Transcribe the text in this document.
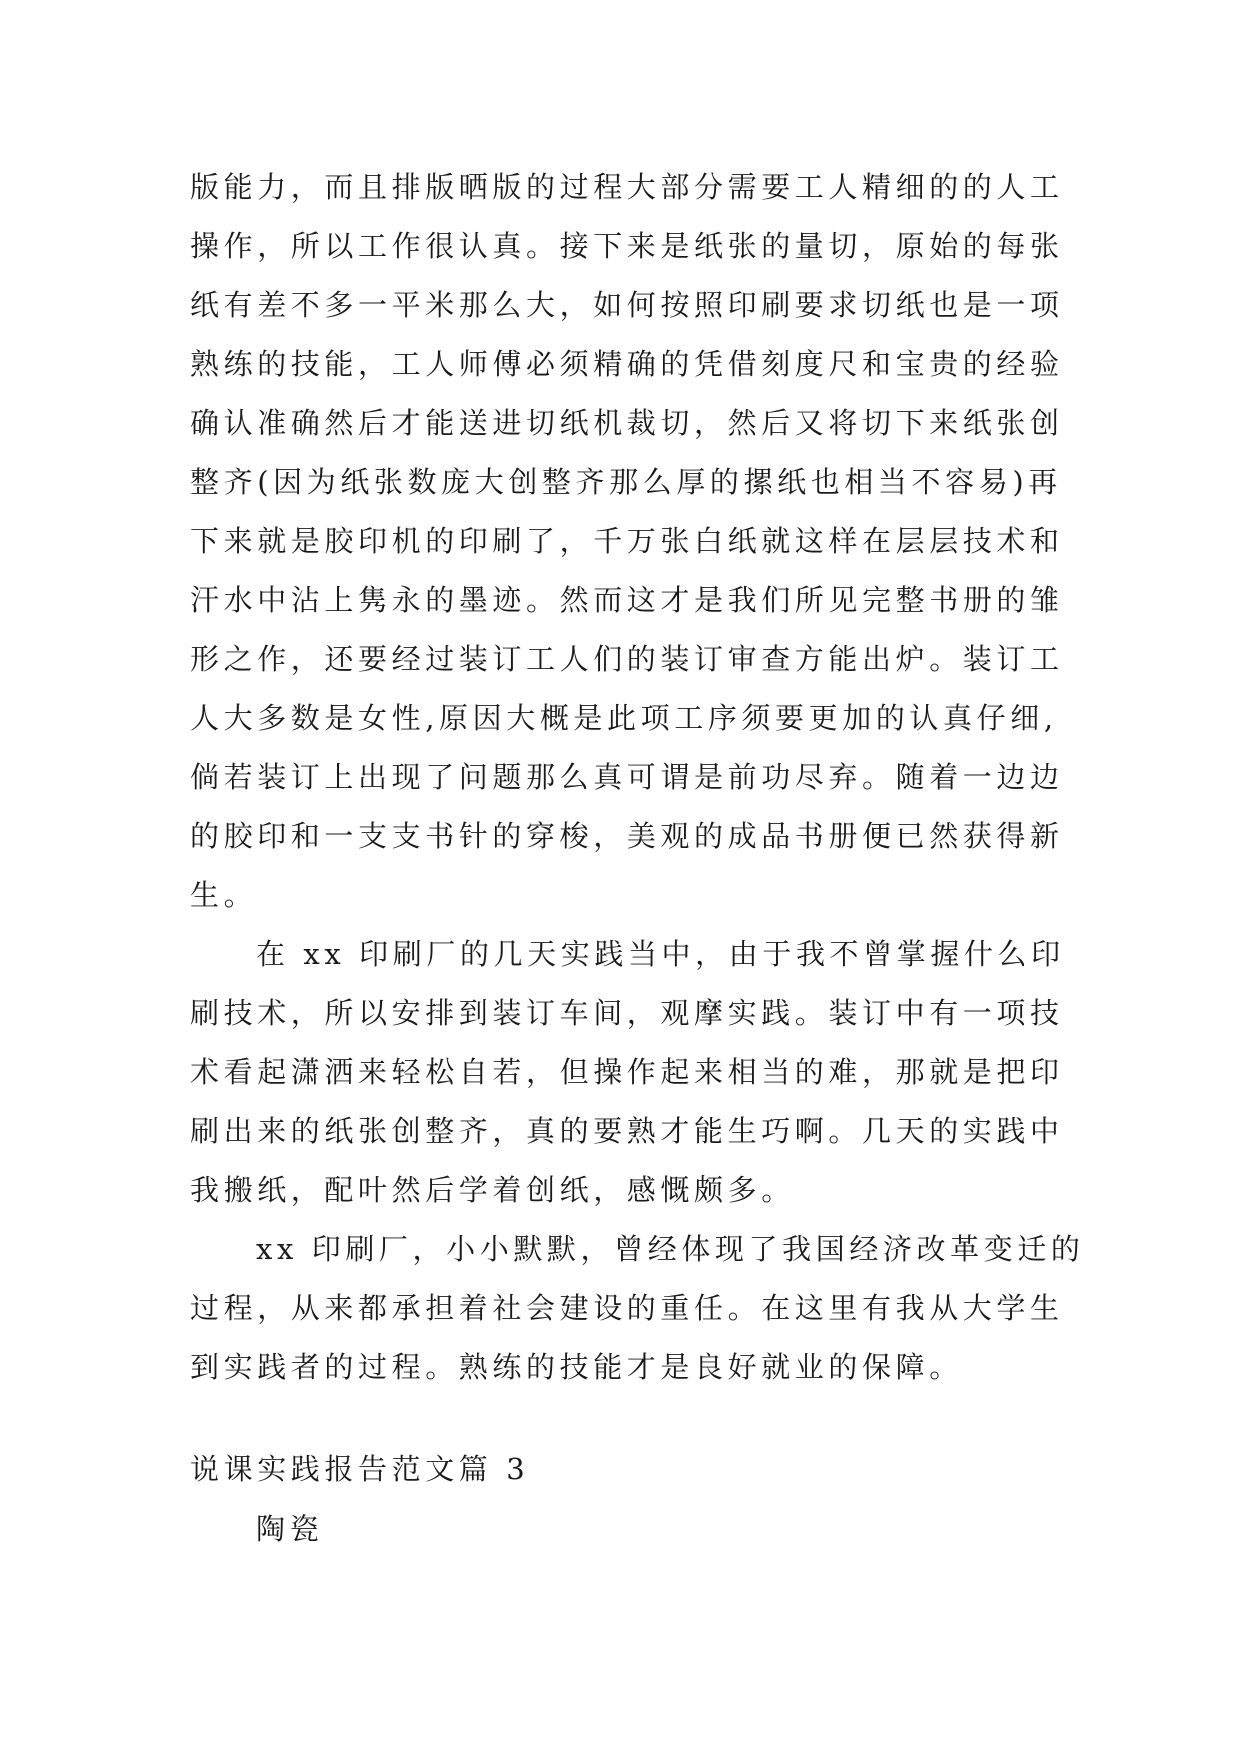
版能力，而且排版晒版的过程大部分需要工人精细的的人工
操作，所以工作很认真。接下来是纸张的量切，原始的每张
纸有差不多一平米那么大，如何按照印刷要求切纸也是一项
熟练的技能，工人师傅必须精确的凭借刻度尺和宝贵的经验
确认准确然后才能送进切纸机裁切，然后又将切下来纸张创
整齐(因为纸张数庞大创整齐那么厚的摞纸也相当不容易)再
下来就是胶印机的印刷了，千万张白纸就这样在层层技术和
汗水中沾上隽永的墨迹。然而这才是我们所见完整书册的雏
形之作，还要经过装订工人们的装订审查方能出炉。装订工
人大多数是女性,原因大概是此项工序须要更加的认真仔细,
倘若装订上出现了问题那么真可谓是前功尽弃。随着一边边
的胶印和一支支书针的穿梭，美观的成品书册便已然获得新
生。
在 xx 印刷厂的几天实践当中，由于我不曾掌握什么印
刷技术，所以安排到装订车间，观摩实践。装订中有一项技
术看起潇洒来轻松自若，但操作起来相当的难，那就是把印
刷出来的纸张创整齐，真的要熟才能生巧啊。几天的实践中
我搬纸，配叶然后学着创纸，感慨颇多。
xx 印刷厂，小小默默，曾经体现了我国经济改革变迁的
过程，从来都承担着社会建设的重任。在这里有我从大学生
到实践者的过程。熟练的技能才是良好就业的保障。
说课实践报告范文篇 3
陶瓷
